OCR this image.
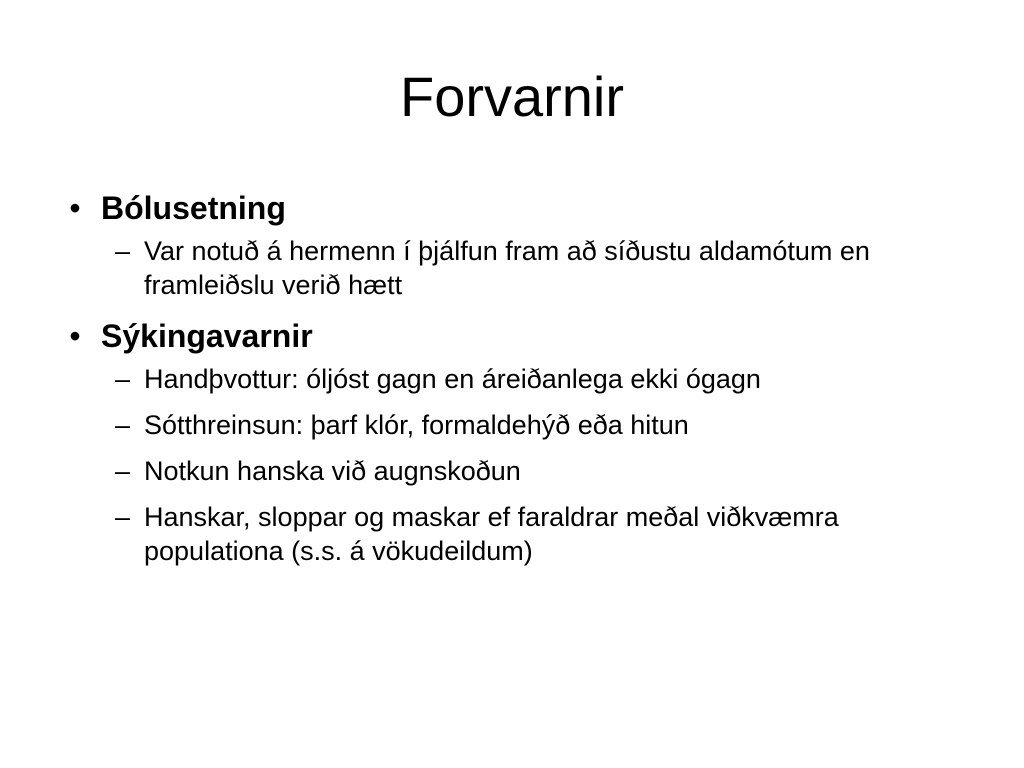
Forvarnir
• Bólusetning
– Var notuð á hermenn í þjálfun fram að síðustu aldamótum en framleiðslu verið hætt
• Sýkingavarnir
– Handþvottur: óljóst gagn en áreiðanlega ekki ógagn
– Sótthreinsun: þarf klór, formaldehýð eða hitun
– Notkun hanska við augnskoðun
– Hanskar, sloppar og maskar ef faraldrar meðal viðkvæmra populationa (s.s. á vökudeildum)
